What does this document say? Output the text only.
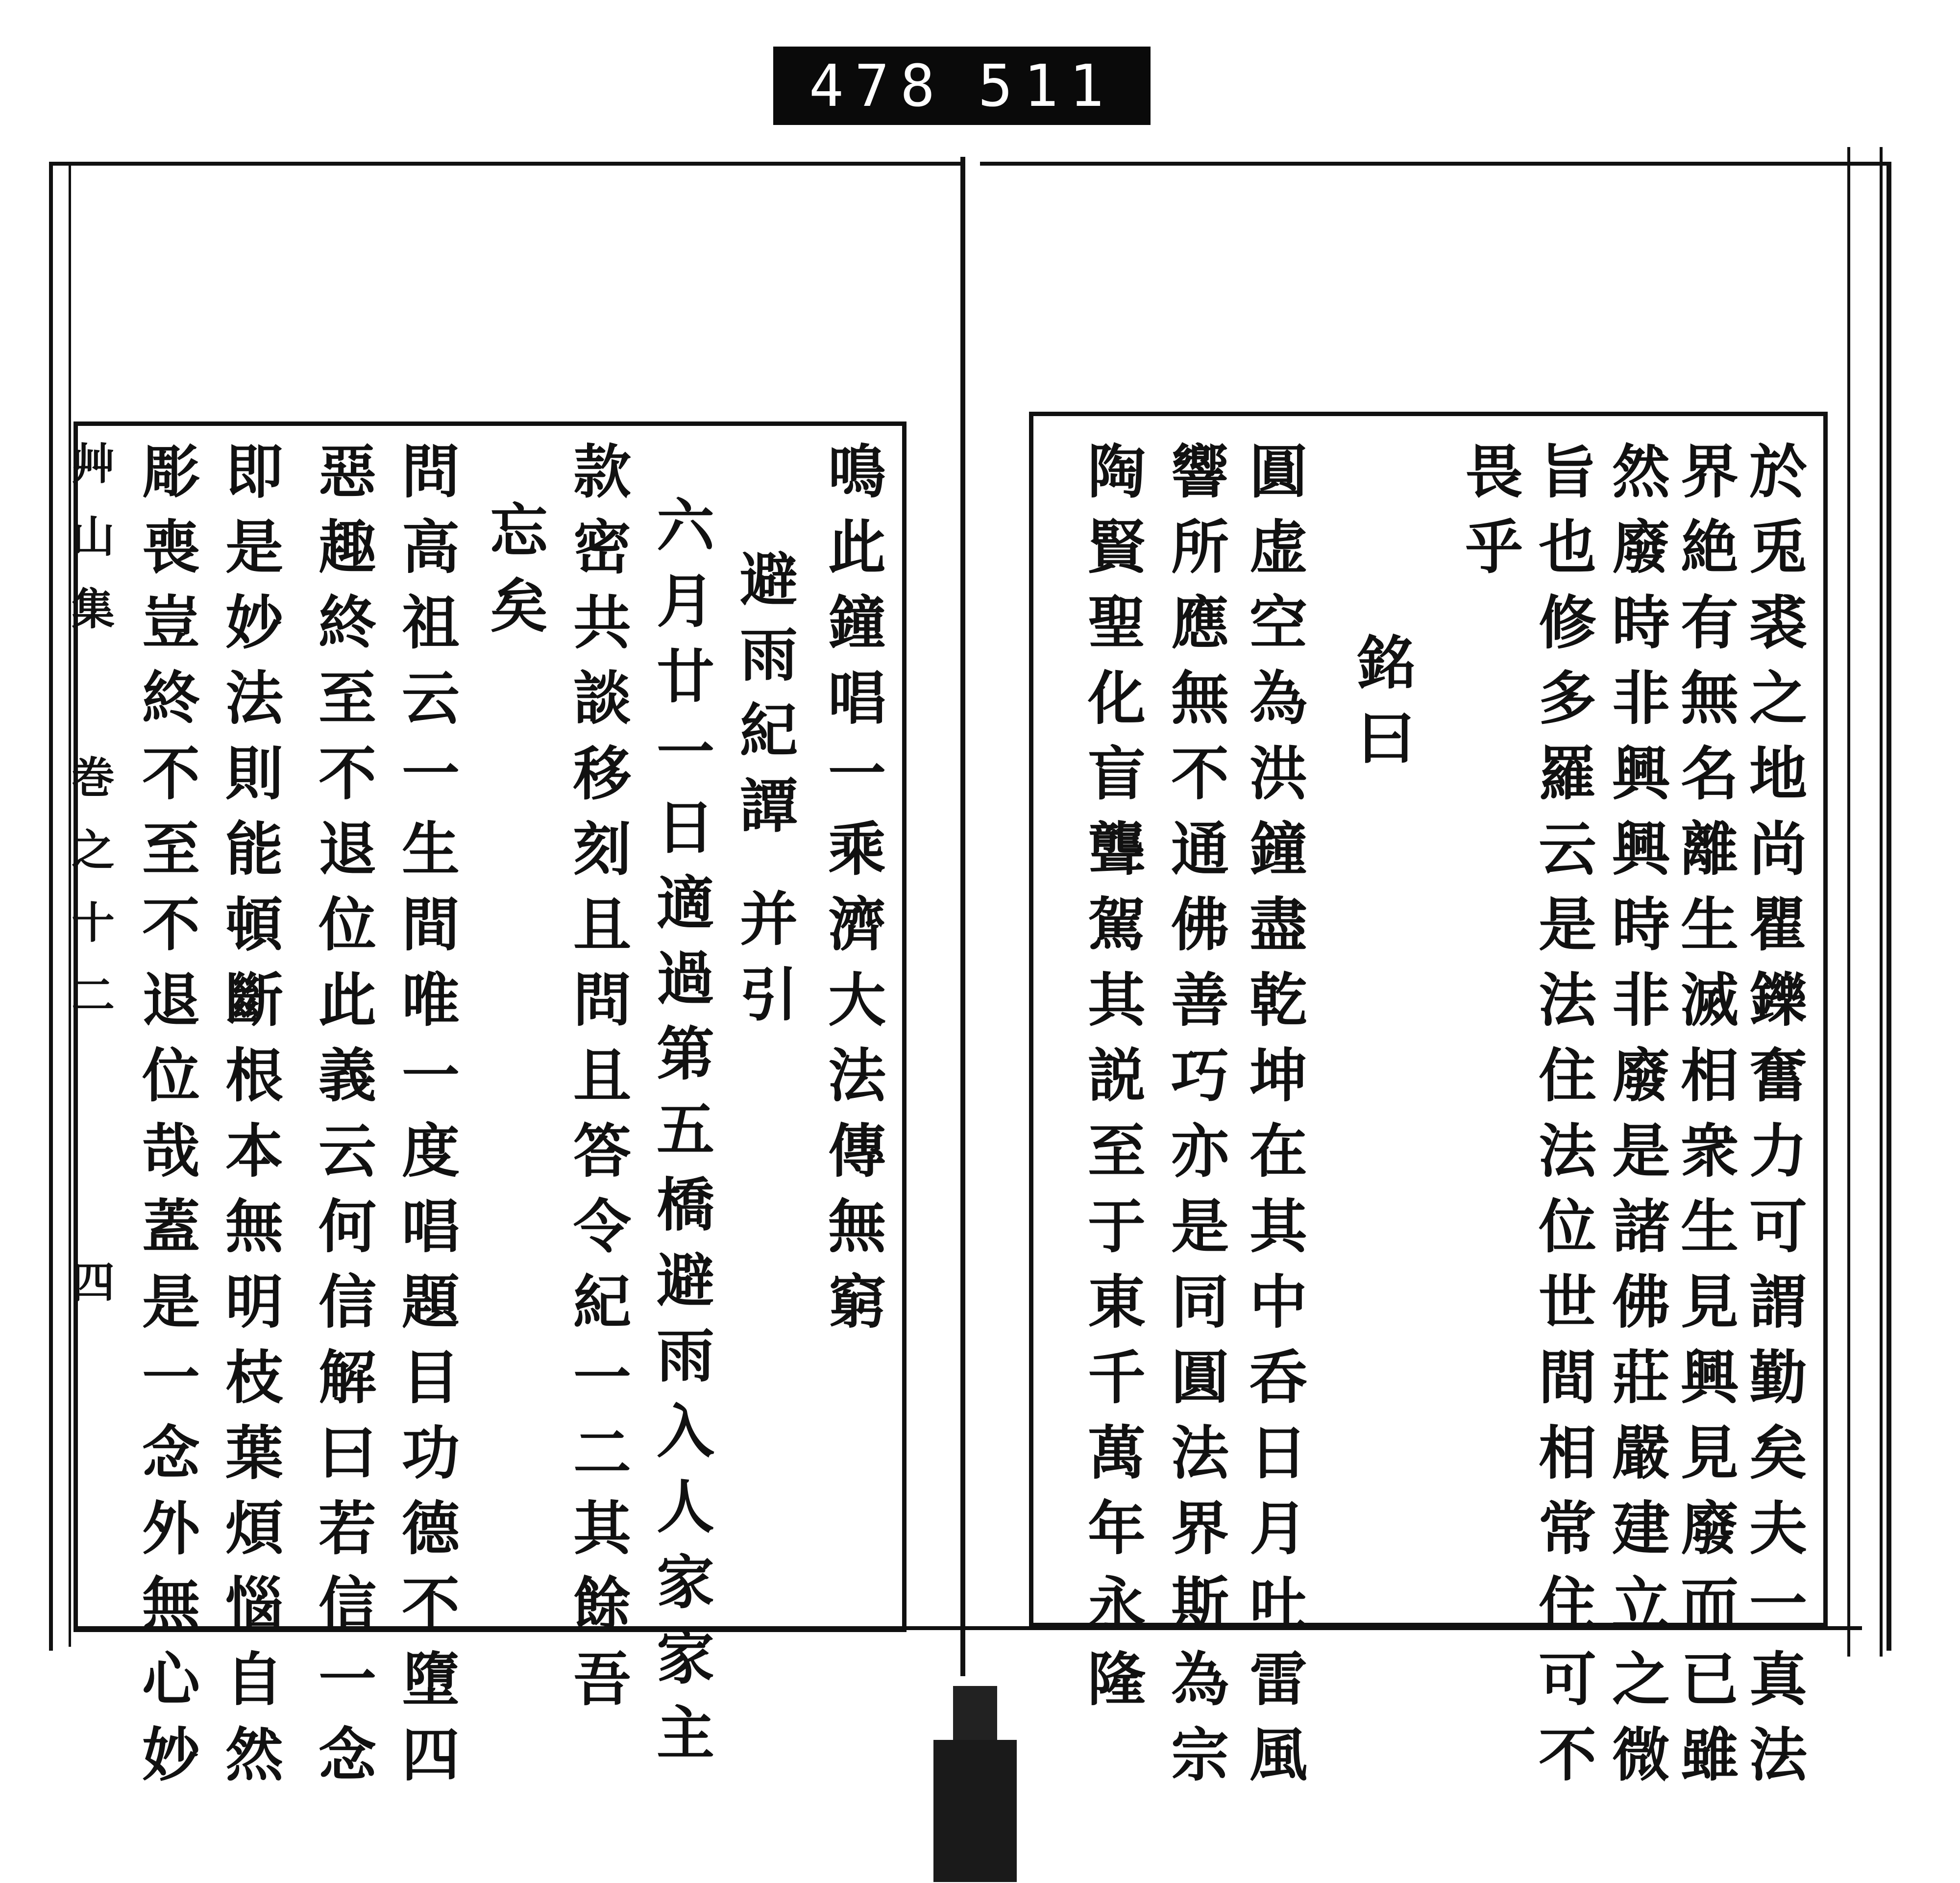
478 511
艸山集
巻之十二
四	於兎裘之地尚瞿鑠奮力可謂勤矣夫一真法
界絶有無名離生滅相衆生見興見廢而已雖
然廢時非興興時非廢是諸佛莊嚴建立之微
旨也修多羅云是法住法位世間相常住可不
畏乎
銘曰
圓虚空為洪鐘盡乾坤在其中呑日月吐雷風
響所應無不通佛善巧亦是同圓法界斯為宗
陶賢聖化盲聾駕其説至于東千萬年永隆
鳴此鐘唱一乘濟大法傳無窮
避雨紀譚 并引
六月廿一日適過第五橋避雨入人家家主
款密共談移刻且問且答令紀一二其餘吾
忘矣
問高祖云一生間唯一度唱題目功德不墮四
惡趣終至不退位此義云何信解曰若信一念
即是妙法則能頓斷根本無明枝葉煩惱自然
彫喪豈終不至不退位哉蓋是一念外無心妙
